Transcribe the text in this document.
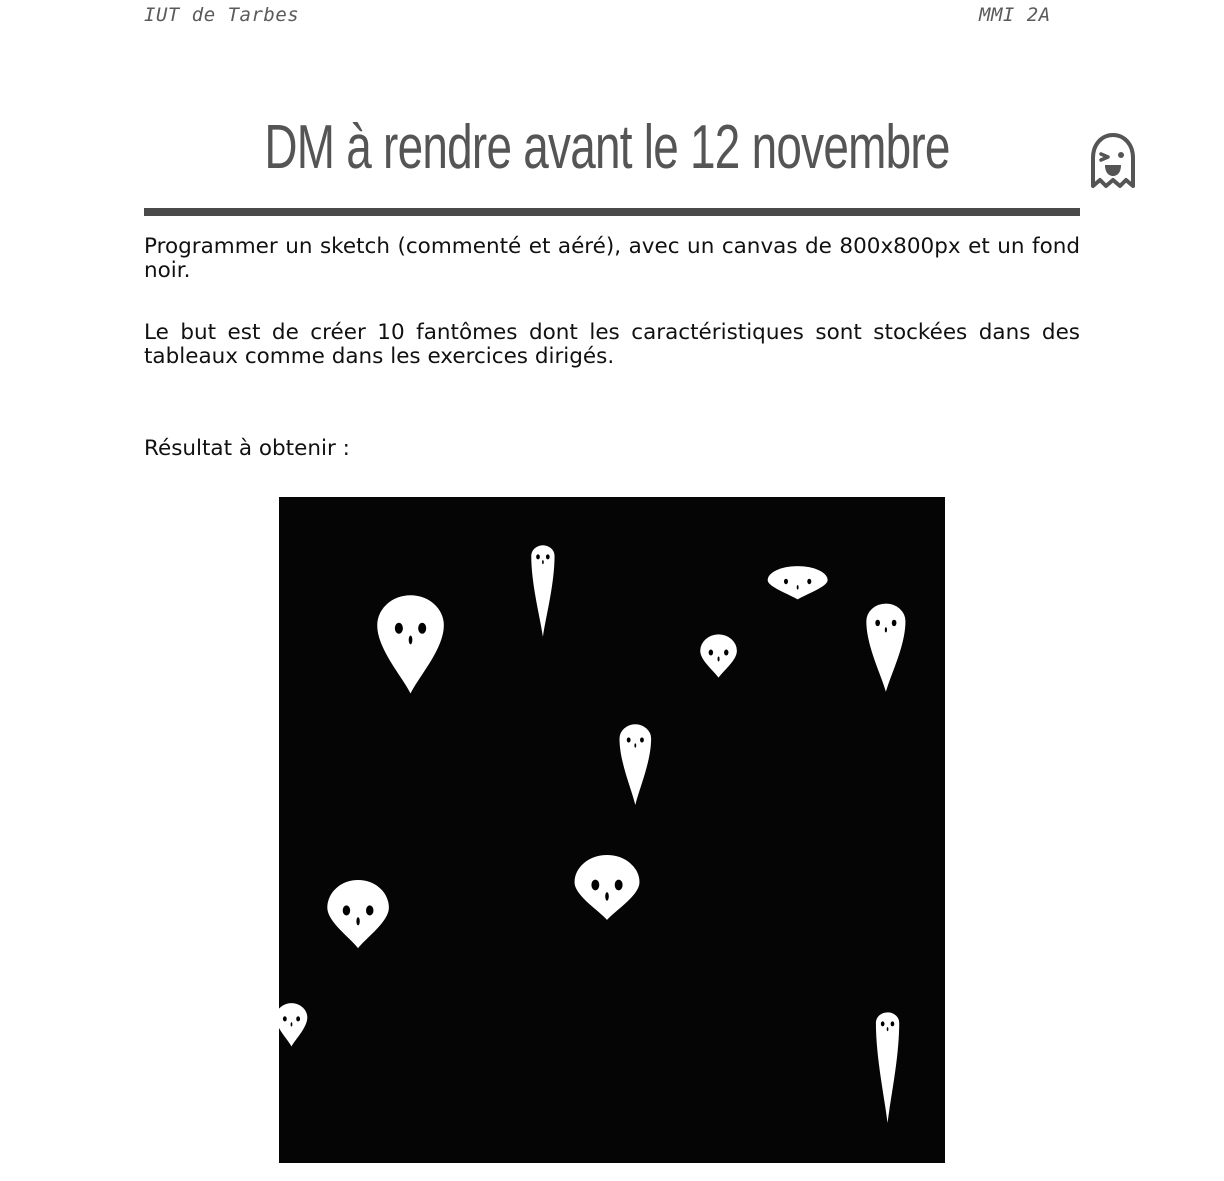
IUT de Tarbes	MMI 2A
DM à rendre avant le 12 novembre

Programmer un sketch (commenté et aéré), avec un canvas de 800x800px et un fond noir.

Le but est de créer 10 fantômes dont les caractéristiques sont stockées dans des tableaux comme dans les exercices dirigés.

Résultat à obtenir :
